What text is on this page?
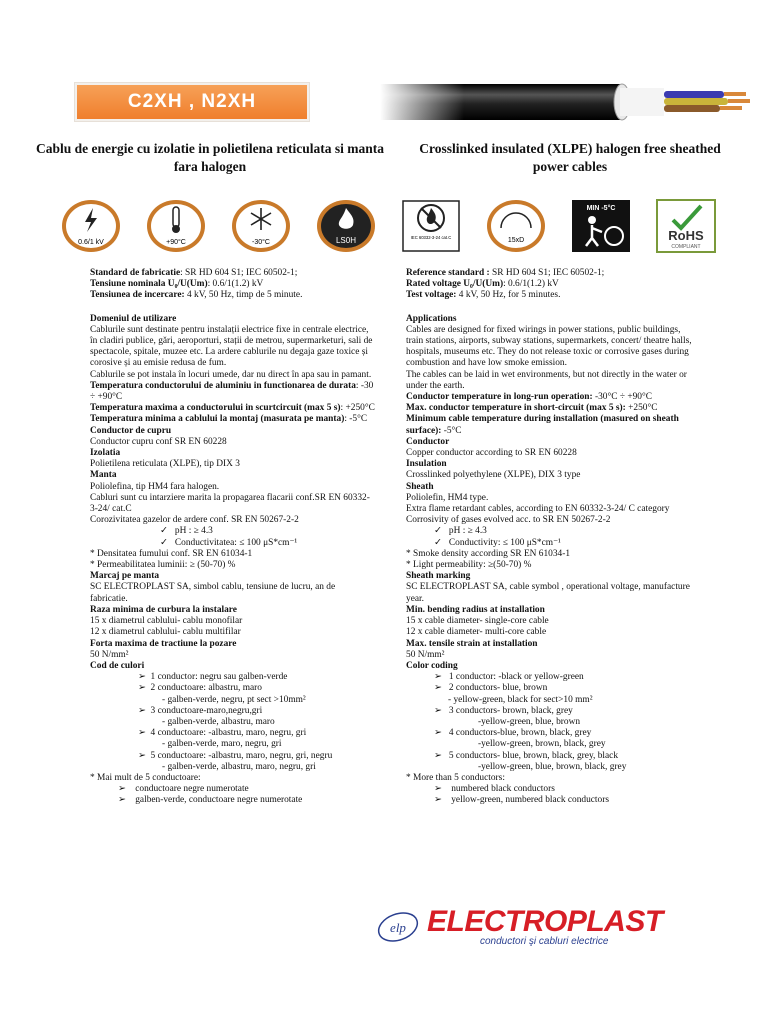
C2XH , N2XH
Cablu de energie cu izolatie in polietilena reticulata si manta fara halogen
Crosslinked insulated (XLPE) halogen free sheathed power cables
0.6/1 kV	+90°C	-30°C	LS0H	IEC 60332-3-24 cat.C	15xD
MIN -5°C
RoHS
COMPLIANT

Standard de fabricatie: SR HD 604 S1; IEC 60502-1;

Tensiune nominala U₀/U(Um): 0.6/1(1.2) kV

Tensiunea de incercare: 4 kV, 50 Hz, timp de 5 minute.

Domeniul de utilizare

Cablurile sunt destinate pentru instalații electrice fixe in centrale electrice, în cladiri publice, gări, aeroporturi, stații de metrou, supermarketuri, sali de spectacole, spitale, muzee etc. La ardere cablurile nu degaja gaze toxice și corosive și au emisie redusa de fum.
Cablurile se pot instala în locuri umede, dar nu direct în apa sau in pamant.

Temperatura conductorului de aluminiu in functionarea de durata: -30 ÷ +90°C

Temperatura maxima a conductorului in scurtcircuit (max 5 s): +250°C

Temperatura minima a cablului la montaj (masurata pe manta): -5°C

Conductor de cupru

Conductor cupru conf SR EN 60228

Izolatia

Polietilena reticulata (XLPE), tip DIX 3

Manta

Poliolefina, tip HM4 fara halogen.
Cabluri sunt cu intarziere marita la propagarea flacarii conf.SR EN 60332-3-24/ cat.C
Corozivitatea gazelor de ardere conf. SR EN 50267-2-2

✓   pH : ≥ 4.3

✓   Conductivitatea: ≤ 100 μS*cm⁻¹

* Densitatea fumului conf. SR EN 61034-1

* Permeabilitatea luminii: ≥ (50-70) %

Marcaj pe manta

SC ELECTROPLAST SA, simbol cablu, tensiune de lucru, an de fabricatie.

Raza minima de curbura la instalare

15 x diametrul cablului- cablu monofilar
12 x diametrul cablului- cablu multifilar

Forta maxima de tractiune la pozare

50 N/mm²

Cod de culori

➢  1 conductor: negru sau galben-verde

➢  2 conductoare: albastru, maro

- galben-verde, negru, pt sect >10mm²

➢  3 conductoare-maro,negru,gri

- galben-verde, albastru, maro

➢  4 conductoare: -albastru, maro, negru, gri

- galben-verde, maro, negru, gri

➢  5 conductoare: -albastru, maro, negru, gri, negru

- galben-verde, albastru, maro, negru, gri

* Mai mult de 5 conductoare:

➢    conductoare negre numerotate

➢    galben-verde, conductoare negre numerotate

Reference standard : SR HD 604 S1; IEC 60502-1;

Rated voltage U₀/U(Um): 0.6/1(1.2) kV

Test voltage: 4 kV, 50 Hz, for 5 minutes.

Applications

Cables are designed for fixed wirings in power stations, public buildings, train stations, airports, subway stations, supermarkets, concert/ theatre halls, hospitals, museums etc. They do not release toxic or corrosive gases during combustion and have low smoke emission.
The cables can be laid in wet environments, but not directly in the water or under the earth.

Conductor temperature in long-run operation: -30°C ÷ +90°C

Max. conductor temperature in short-circuit (max 5 s): +250°C

Minimum cable temperature during installation (masured on sheath surface): -5°C

Conductor

Copper conductor according to SR EN 60228

Insulation

Crosslinked polyethylene (XLPE), DIX 3 type

Sheath

Poliolefin, HM4 type.
Extra flame retardant cables, according to EN 60332-3-24/ C category
Corrosivity of gases evolved acc. to SR EN 50267-2-2

✓   pH : ≥ 4.3

✓   Conductivity: ≤ 100 μS*cm⁻¹

* Smoke density according SR EN 61034-1

* Light permeability: ≥(50-70) %

Sheath marking

SC ELECTROPLAST SA, cable symbol , operational voltage, manufacture year.

Min. bending radius at installation

15 x cable diameter- single-core cable
12 x cable diameter- multi-core cable

Max. tensile strain at installation

50 N/mm²

Color coding

➢   1 conductor: -black or yellow-green

➢   2 conductors- blue, brown

- yellow-green, black for sect>10 mm²

➢   3 conductors- brown, black, grey

-yellow-green, blue, brown

➢   4 conductors-blue, brown, black, grey

-yellow-green, brown, black, grey

➢   5 conductors- blue, brown, black, grey, black

-yellow-green, blue, brown, black, grey

* More than 5 conductors:

➢    numbered black conductors

➢    yellow-green, numbered black conductors

elp ELECTROPLAST
conductori şi cabluri electrice
